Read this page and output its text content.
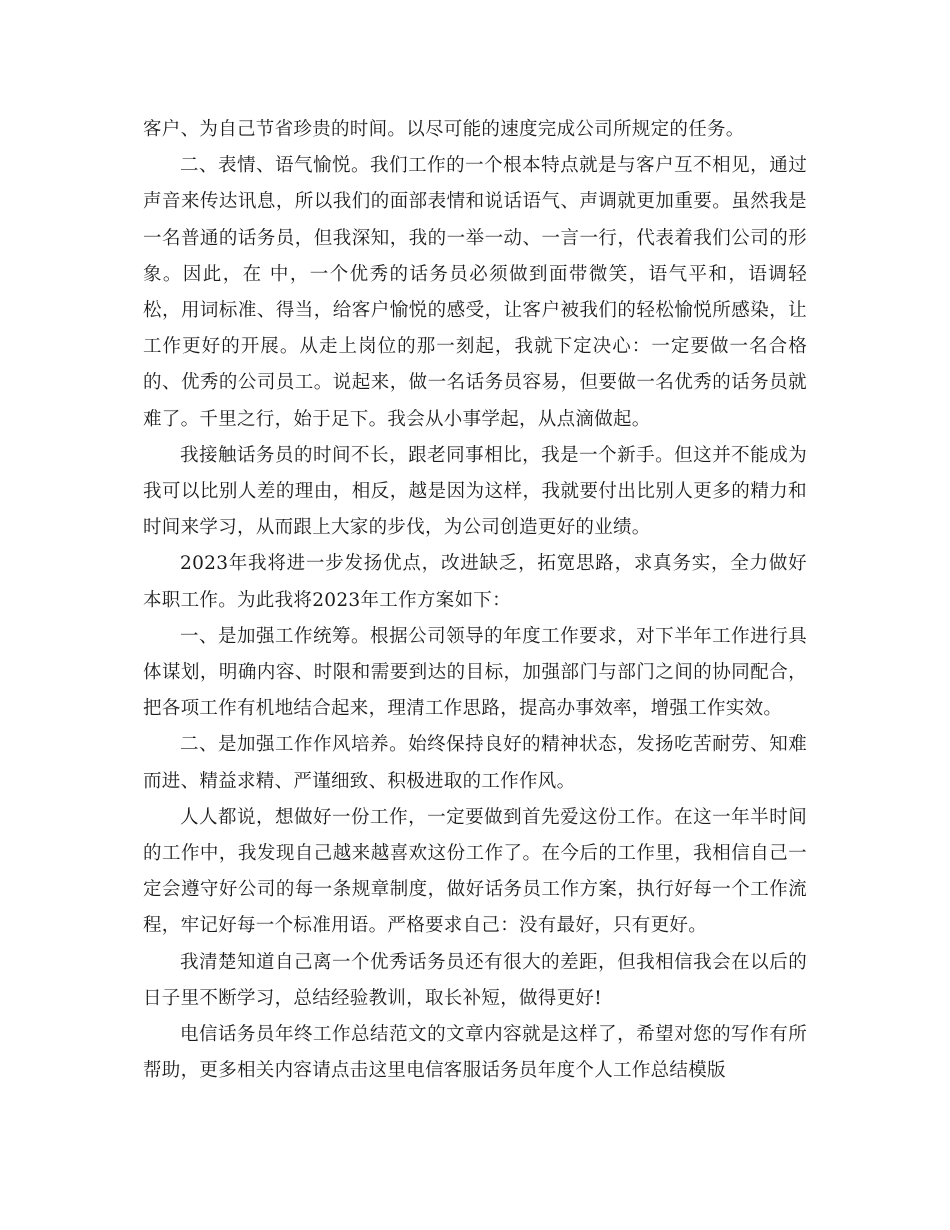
客户、为自己节省珍贵的时间。以尽可能的速度完成公司所规定的任务。

二、表情、语气愉悦。我们工作的一个根本特点就是与客户互不相见，通过声音来传达讯息，所以我们的面部表情和说话语气、声调就更加重要。虽然我是一名普通的话务员，但我深知，我的一举一动、一言一行，代表着我们公司的形象。因此，在 中，一个优秀的话务员必须做到面带微笑，语气平和，语调轻松，用词标准、得当，给客户愉悦的感受，让客户被我们的轻松愉悦所感染，让工作更好的开展。从走上岗位的那一刻起，我就下定决心：一定要做一名合格的、优秀的公司员工。说起来，做一名话务员容易，但要做一名优秀的话务员就难了。千里之行，始于足下。我会从小事学起，从点滴做起。

我接触话务员的时间不长，跟老同事相比，我是一个新手。但这并不能成为我可以比别人差的理由，相反，越是因为这样，我就要付出比别人更多的精力和时间来学习，从而跟上大家的步伐，为公司创造更好的业绩。

2023年我将进一步发扬优点，改进缺乏，拓宽思路，求真务实，全力做好本职工作。为此我将2023年工作方案如下：

一、是加强工作统筹。根据公司领导的年度工作要求，对下半年工作进行具体谋划，明确内容、时限和需要到达的目标，加强部门与部门之间的协同配合，把各项工作有机地结合起来，理清工作思路，提高办事效率，增强工作实效。

二、是加强工作作风培养。始终保持良好的精神状态，发扬吃苦耐劳、知难而进、精益求精、严谨细致、积极进取的工作作风。

人人都说，想做好一份工作，一定要做到首先爱这份工作。在这一年半时间的工作中，我发现自己越来越喜欢这份工作了。在今后的工作里，我相信自己一定会遵守好公司的每一条规章制度，做好话务员工作方案，执行好每一个工作流程，牢记好每一个标准用语。严格要求自己：没有最好，只有更好。

我清楚知道自己离一个优秀话务员还有很大的差距，但我相信我会在以后的日子里不断学习，总结经验教训，取长补短，做得更好!

电信话务员年终工作总结范文的文章内容就是这样了，希望对您的写作有所帮助，更多相关内容请点击这里电信客服话务员年度个人工作总结模版
